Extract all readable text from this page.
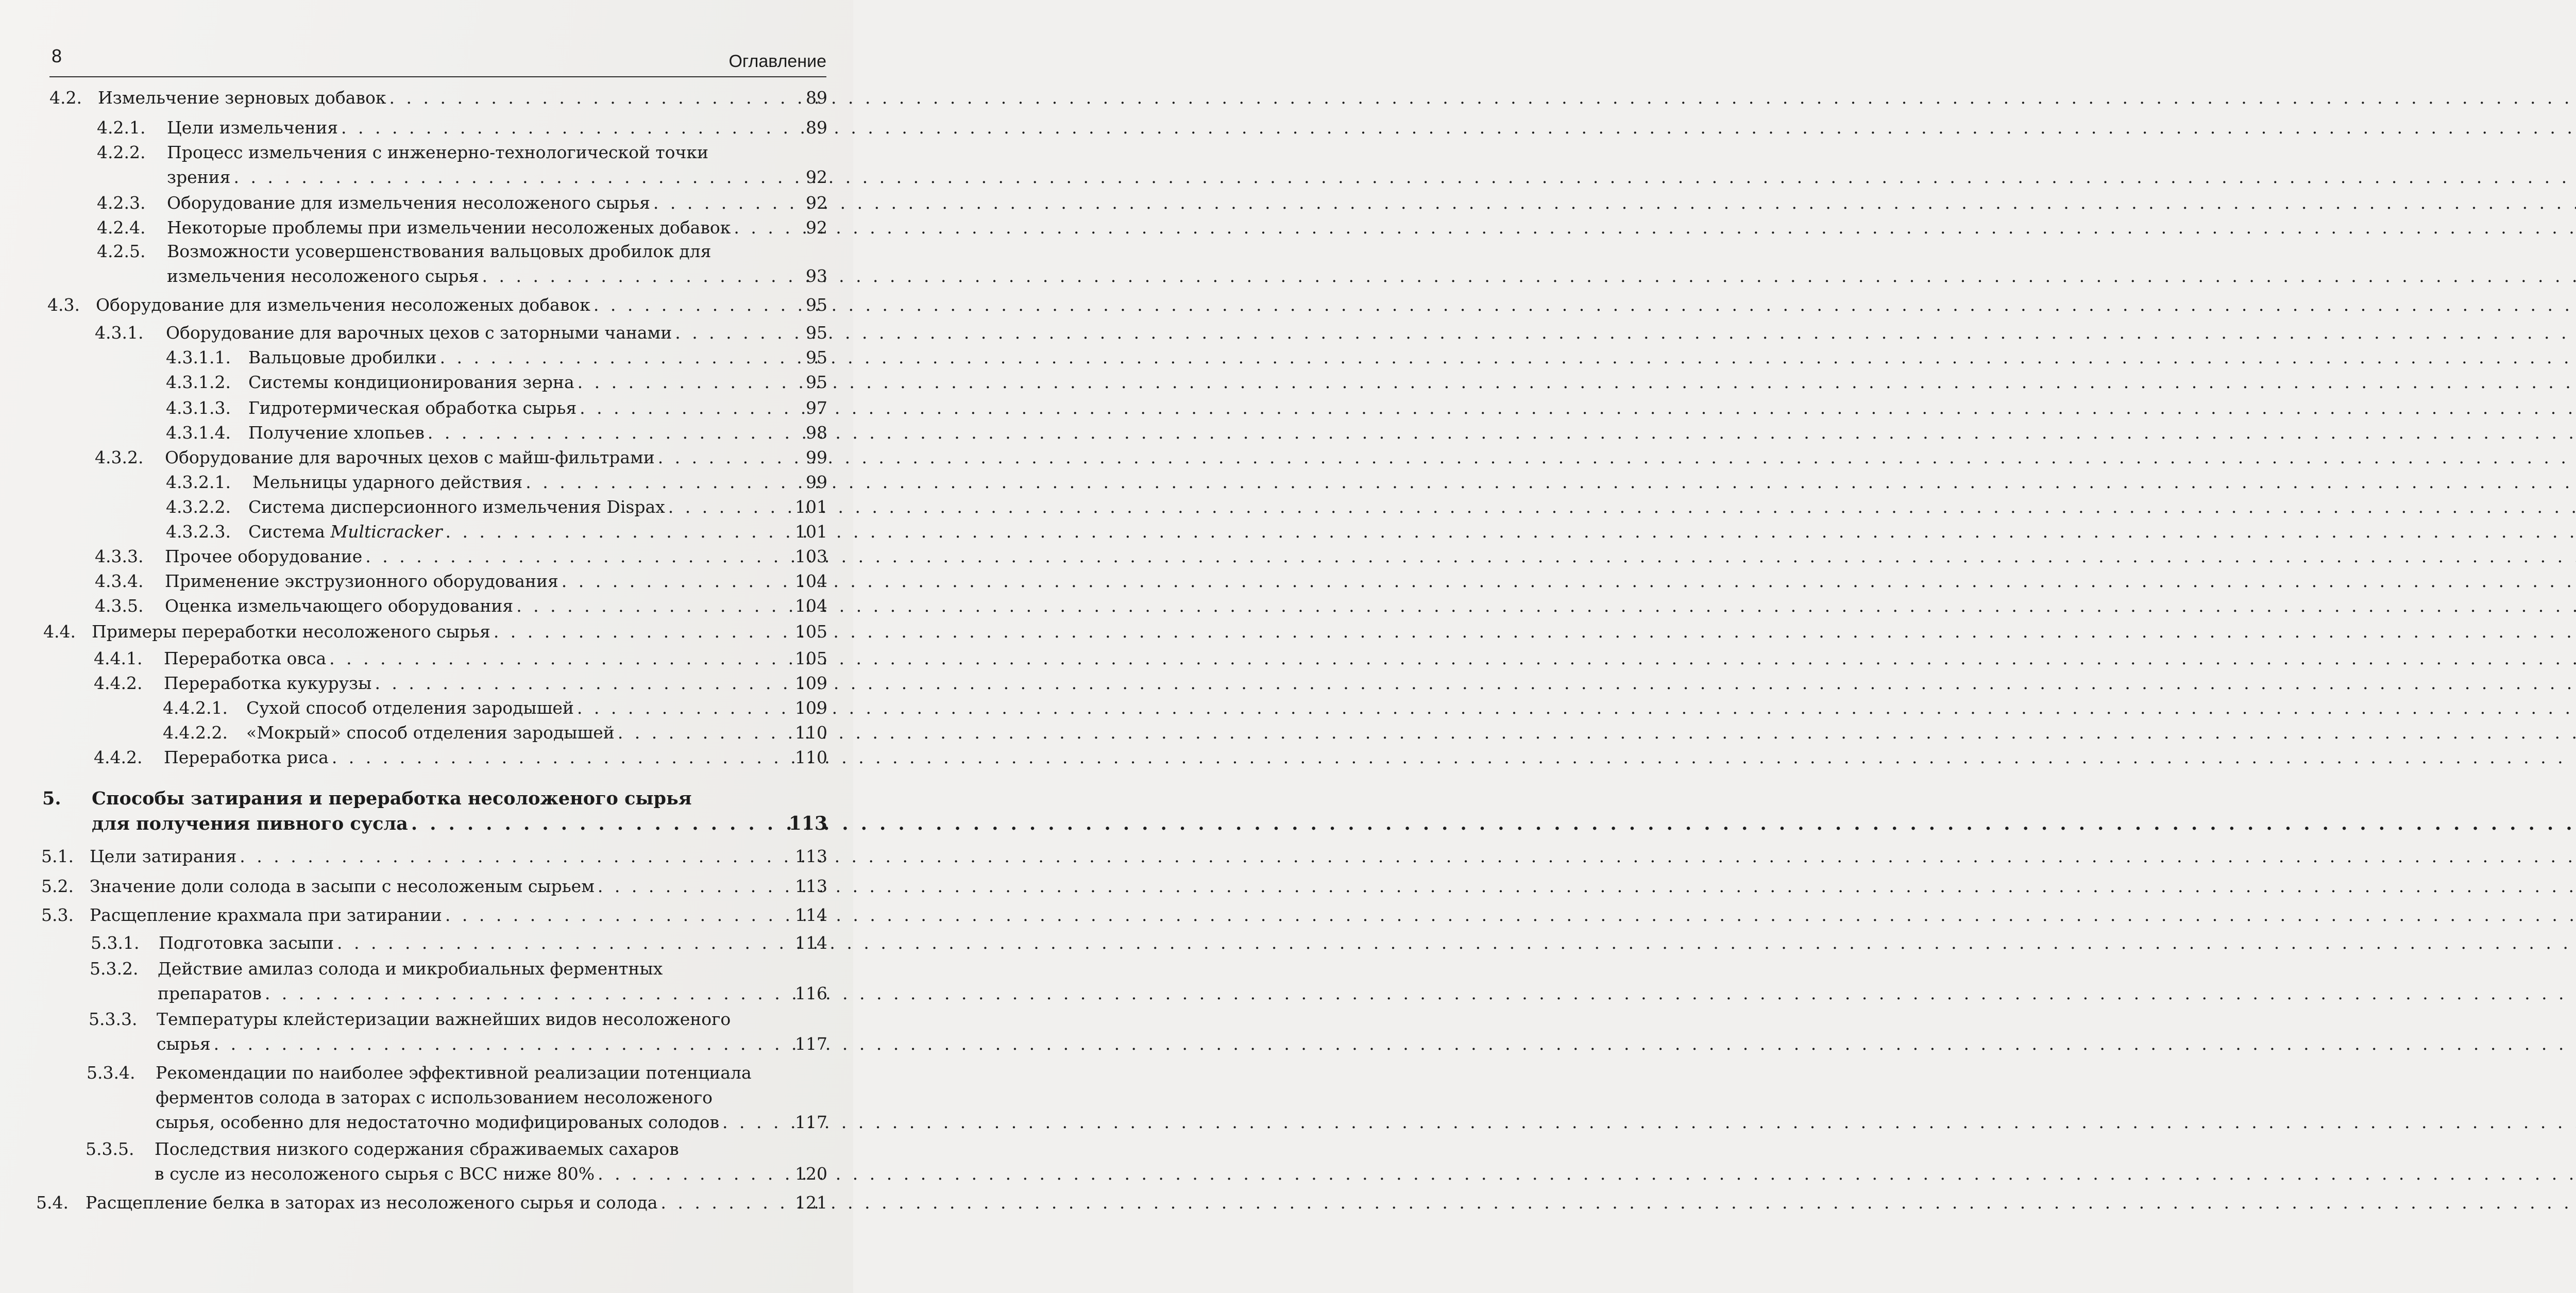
8	Оглавление
4.2. Измельчение зерновых добавок . . .	89
4.2.1. Цели измельчения . . .	89
4.2.2. Процесс измельчения с инженерно-технологической точки
зрения . . .	92
4.2.3. Оборудование для измельчения несоложеного сырья . . .	92
4.2.4. Некоторые проблемы при измельчении несоложеных добавок . . .	92
4.2.5. Возможности усовершенствования вальцовых дробилок для
измельчения несоложеного сырья . . .	93
4.3. Оборудование для измельчения несоложеных добавок . . .	95
4.3.1. Оборудование для варочных цехов с заторными чанами . . .	95
4.3.1.1. Вальцовые дробилки . . .	95
4.3.1.2. Системы кондиционирования зерна . . .	95
4.3.1.3. Гидротермическая обработка сырья . . .	97
4.3.1.4. Получение хлопьев . . .	98
4.3.2. Оборудование для варочных цехов с майш-фильтрами . . .	99
4.3.2.1. Мельницы ударного действия . . .	99
4.3.2.2. Система дисперсионного измельчения Dispax . . .	101
4.3.2.3. Система Multicracker . . .	101
4.3.3. Прочее оборудование . . .	103
4.3.4. Применение экструзионного оборудования . . .	104
4.3.5. Оценка измельчающего оборудования . . .	104
4.4. Примеры переработки несоложеного сырья . . .	105
4.4.1. Переработка овса . . .	105
4.4.2. Переработка кукурузы . . .	109
4.4.2.1. Сухой способ отделения зародышей . . .	109
4.4.2.2. «Мокрый» способ отделения зародышей . . .	110
4.4.2. Переработка риса . . .	110
5. Способы затирания и переработка несоложеного сырья
для получения пивного сусла . . .	113
5.1. Цели затирания . . .	113
5.2. Значение доли солода в засыпи с несоложеным сырьем . . .	113
5.3. Расщепление крахмала при затирании . . .	114
5.3.1. Подготовка засыпи . . .	114
5.3.2. Действие амилаз солода и микробиальных ферментных
препаратов . . .	116
5.3.3. Температуры клейстеризации важнейших видов несоложеного
сырья . . .	117
5.3.4. Рекомендации по наиболее эффективной реализации потенциала
ферментов солода в заторах с использованием несоложеного
сырья, особенно для недостаточно модифицированых солодов . . .	117
5.3.5. Последствия низкого содержания сбраживаемых сахаров
в сусле из несоложеного сырья с ВСС ниже 80% . . .	120
5.4. Расщепление белка в заторах из несоложеного сырья и солода . . .	121
